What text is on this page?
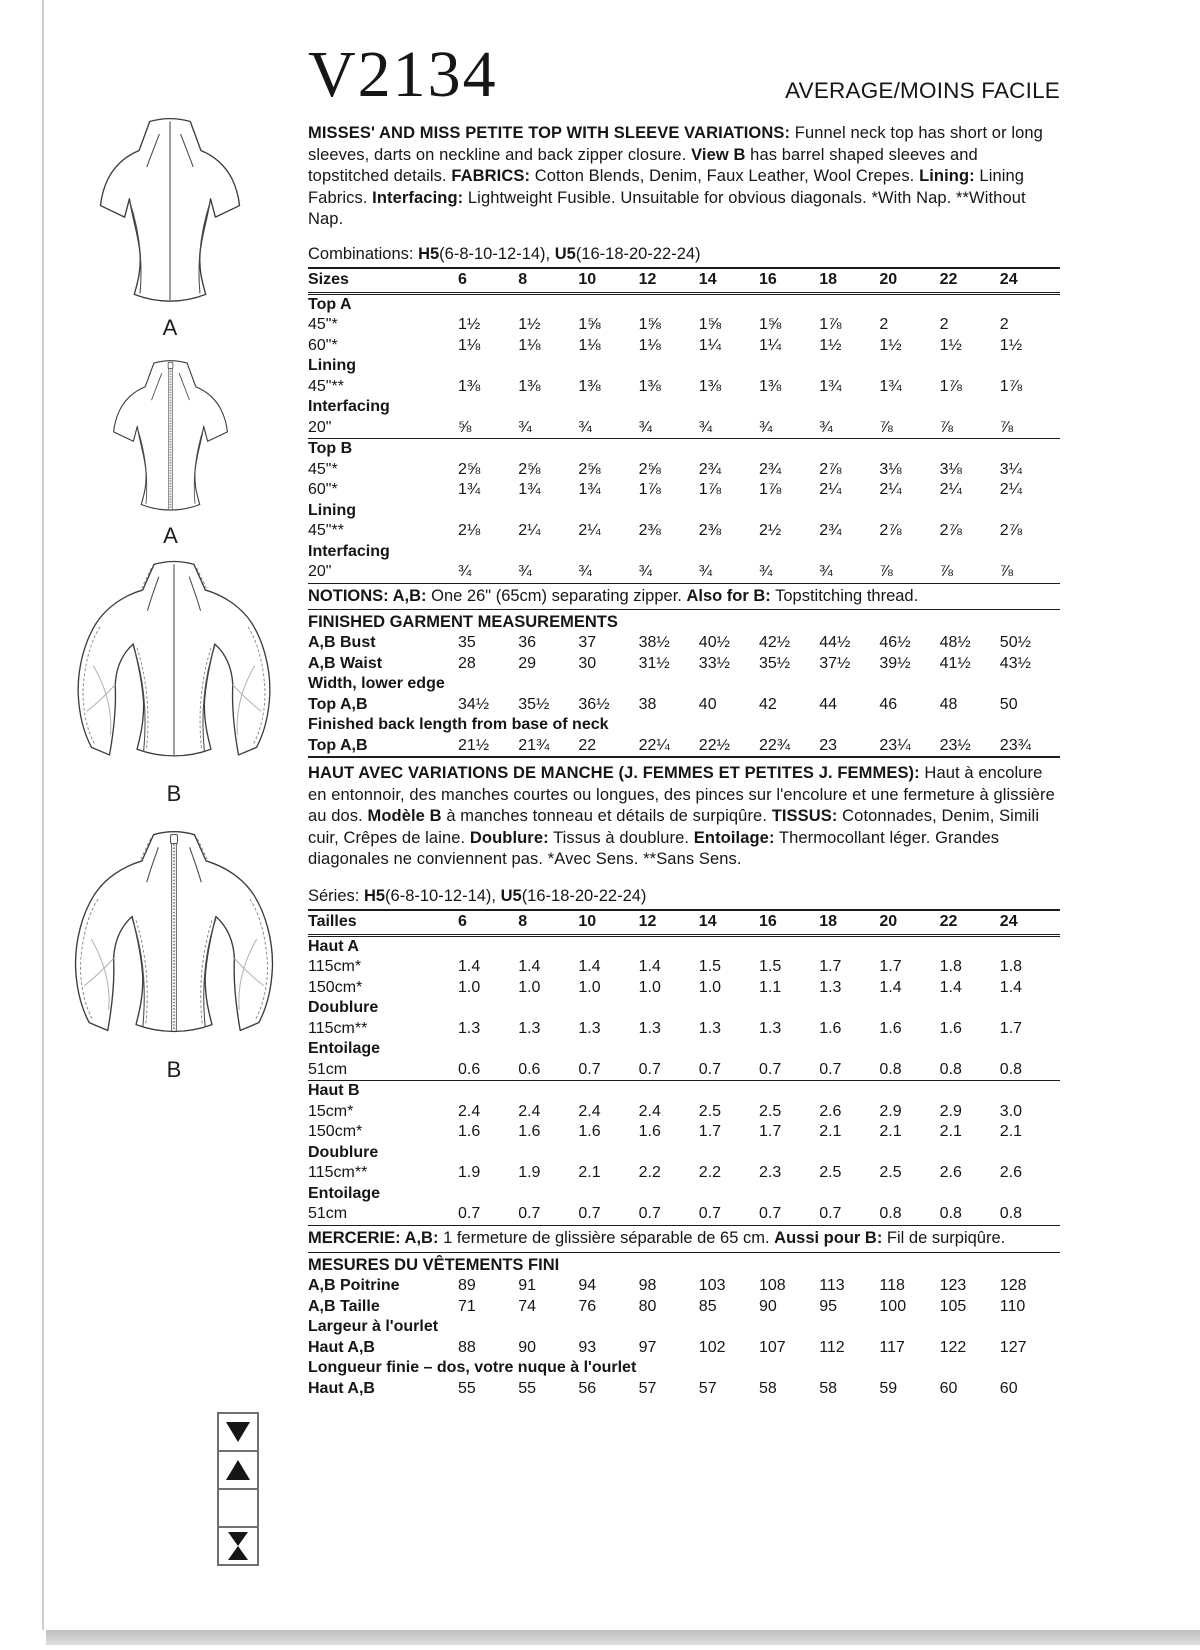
A
A
B
B
V2134	AVERAGE/MOINS FACILE
MISSES' AND MISS PETITE TOP WITH SLEEVE VARIATIONS: Funnel neck top has short or long sleeves, darts on neckline and back zipper closure. View B has barrel shaped sleeves and topstitched details. FABRICS: Cotton Blends, Denim, Faux Leather, Wool Crepes. Lining: Lining Fabrics. Interfacing: Lightweight Fusible. Unsuitable for obvious diagonals. *With Nap. **Without Nap.
Combinations: H5(6-8-10-12-14), U5(16-18-20-22-24)
Sizes	6	8	10	12	14	16	18	20	22	24
Top A
45"*	1½	1½	1⅝	1⅝	1⅝	1⅝	1⅞	2	2	2
60"*	1⅛	1⅛	1⅛	1⅛	1¼	1¼	1½	1½	1½	1½
Lining
45"**	1⅜	1⅜	1⅜	1⅜	1⅜	1⅜	1¾	1¾	1⅞	1⅞
Interfacing
20"	⅝	¾	¾	¾	¾	¾	¾	⅞	⅞	⅞
Top B
45"*	2⅝	2⅝	2⅝	2⅝	2¾	2¾	2⅞	3⅛	3⅛	3¼
60"*	1¾	1¾	1¾	1⅞	1⅞	1⅞	2¼	2¼	2¼	2¼
Lining
45"**	2⅛	2¼	2¼	2⅜	2⅜	2½	2¾	2⅞	2⅞	2⅞
Interfacing
20"	¾	¾	¾	¾	¾	¾	¾	⅞	⅞	⅞
NOTIONS: A,B: One 26" (65cm) separating zipper. Also for B: Topstitching thread.
FINISHED GARMENT MEASUREMENTS
A,B Bust	35	36	37	38½	40½	42½	44½	46½	48½	50½
A,B Waist	28	29	30	31½	33½	35½	37½	39½	41½	43½
Width, lower edge
Top A,B	34½	35½	36½	38	40	42	44	46	48	50
Finished back length from base of neck
Top A,B	21½	21¾	22	22¼	22½	22¾	23	23¼	23½	23¾
HAUT AVEC VARIATIONS DE MANCHE (J. FEMMES ET PETITES J. FEMMES): Haut à encolure en entonnoir, des manches courtes ou longues, des pinces sur l'encolure et une fermeture à glissière au dos. Modèle B à manches tonneau et détails de surpiqûre. TISSUS: Cotonnades, Denim, Simili cuir, Crêpes de laine. Doublure: Tissus à doublure. Entoilage: Thermocollant léger. Grandes diagonales ne conviennent pas. *Avec Sens. **Sans Sens.
Séries: H5(6-8-10-12-14), U5(16-18-20-22-24)
Tailles	6	8	10	12	14	16	18	20	22	24
Haut A
115cm*	1.4	1.4	1.4	1.4	1.5	1.5	1.7	1.7	1.8	1.8
150cm*	1.0	1.0	1.0	1.0	1.0	1.1	1.3	1.4	1.4	1.4
Doublure
115cm**	1.3	1.3	1.3	1.3	1.3	1.3	1.6	1.6	1.6	1.7
Entoilage
51cm	0.6	0.6	0.7	0.7	0.7	0.7	0.7	0.8	0.8	0.8
Haut B
15cm*	2.4	2.4	2.4	2.4	2.5	2.5	2.6	2.9	2.9	3.0
150cm*	1.6	1.6	1.6	1.6	1.7	1.7	2.1	2.1	2.1	2.1
Doublure
115cm**	1.9	1.9	2.1	2.2	2.2	2.3	2.5	2.5	2.6	2.6
Entoilage
51cm	0.7	0.7	0.7	0.7	0.7	0.7	0.7	0.8	0.8	0.8
MERCERIE: A,B: 1 fermeture de glissière séparable de 65 cm. Aussi pour B: Fil de surpiqûre.
MESURES DU VÊTEMENTS FINI
A,B Poitrine	89	91	94	98	103	108	113	118	123	128
A,B Taille	71	74	76	80	85	90	95	100	105	110
Largeur à l'ourlet
Haut A,B	88	90	93	97	102	107	112	117	122	127
Longueur finie – dos, votre nuque à l'ourlet
Haut A,B	55	55	56	57	57	58	58	59	60	60
